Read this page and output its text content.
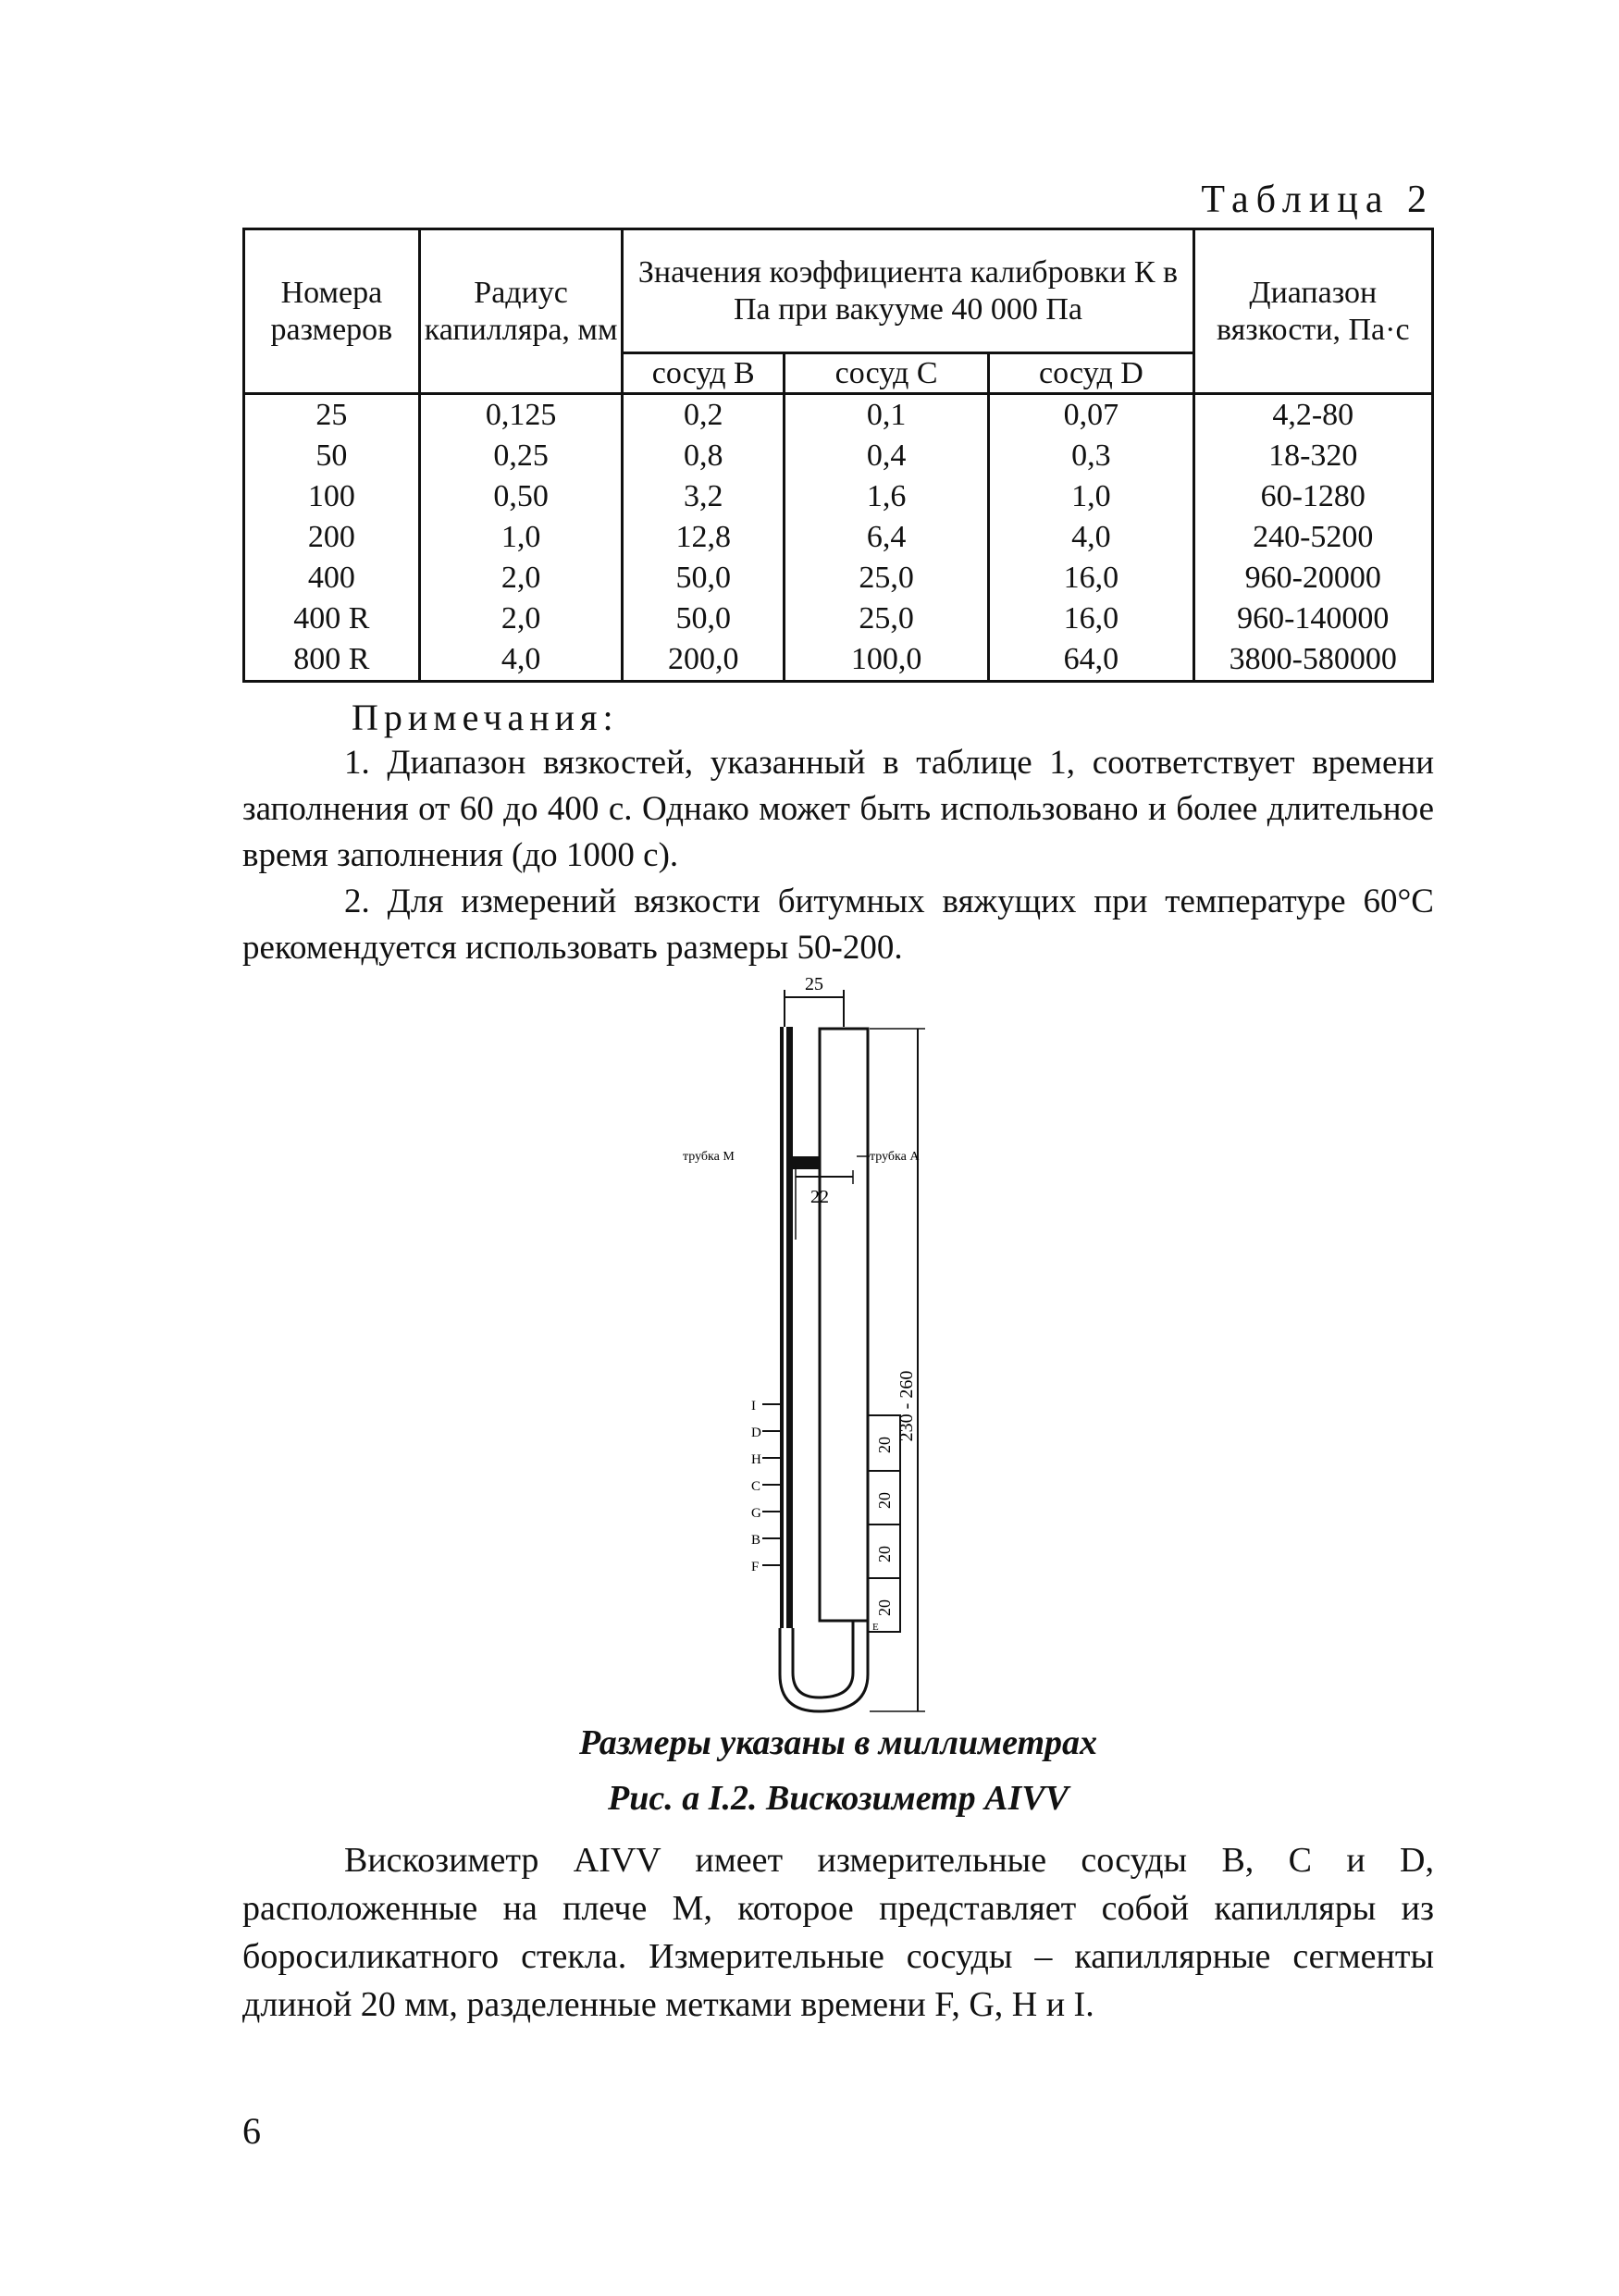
Таблица 2
Номера размеров	Радиус капилляра, мм	Значения коэффициента калибровки К в Па при вакууме 40 000 Па			Диапазон вязкости, Па·с
		сосуд B	сосуд C	сосуд D	
25	0,125	0,2	0,1	0,07	4,2-80
50	0,25	0,8	0,4	0,3	18-320
100	0,50	3,2	1,6	1,0	60-1280
200	1,0	12,8	6,4	4,0	240-5200
400	2,0	50,0	25,0	16,0	960-20000
400 R	2,0	50,0	25,0	16,0	960-140000
800 R	4,0	200,0	100,0	64,0	3800-580000
Примечания:
1. Диапазон вязкостей, указанный в таблице 1, соответствует времени заполнения от 60 до 400 с. Однако может быть использовано и более длительное время заполнения (до 1000 с).
2. Для измерений вязкости битумных вяжущих при температуре 60°С рекомендуется использовать размеры 50-200.
25
230 - 260
22
трубка М	трубка А
20
20
20
20
E
I
D
H
C
G
B
F
Размеры указаны в миллиметрах
Рис. а I.2. Вискозиметр AIVV
Вискозиметр AIVV имеет измерительные сосуды B, C и D, расположенные на плече М, которое представляет собой капилляры из боросиликатного стекла. Измерительные сосуды – капиллярные сегменты длиной 20 мм, разделенные метками времени F, G, H и I.
6
